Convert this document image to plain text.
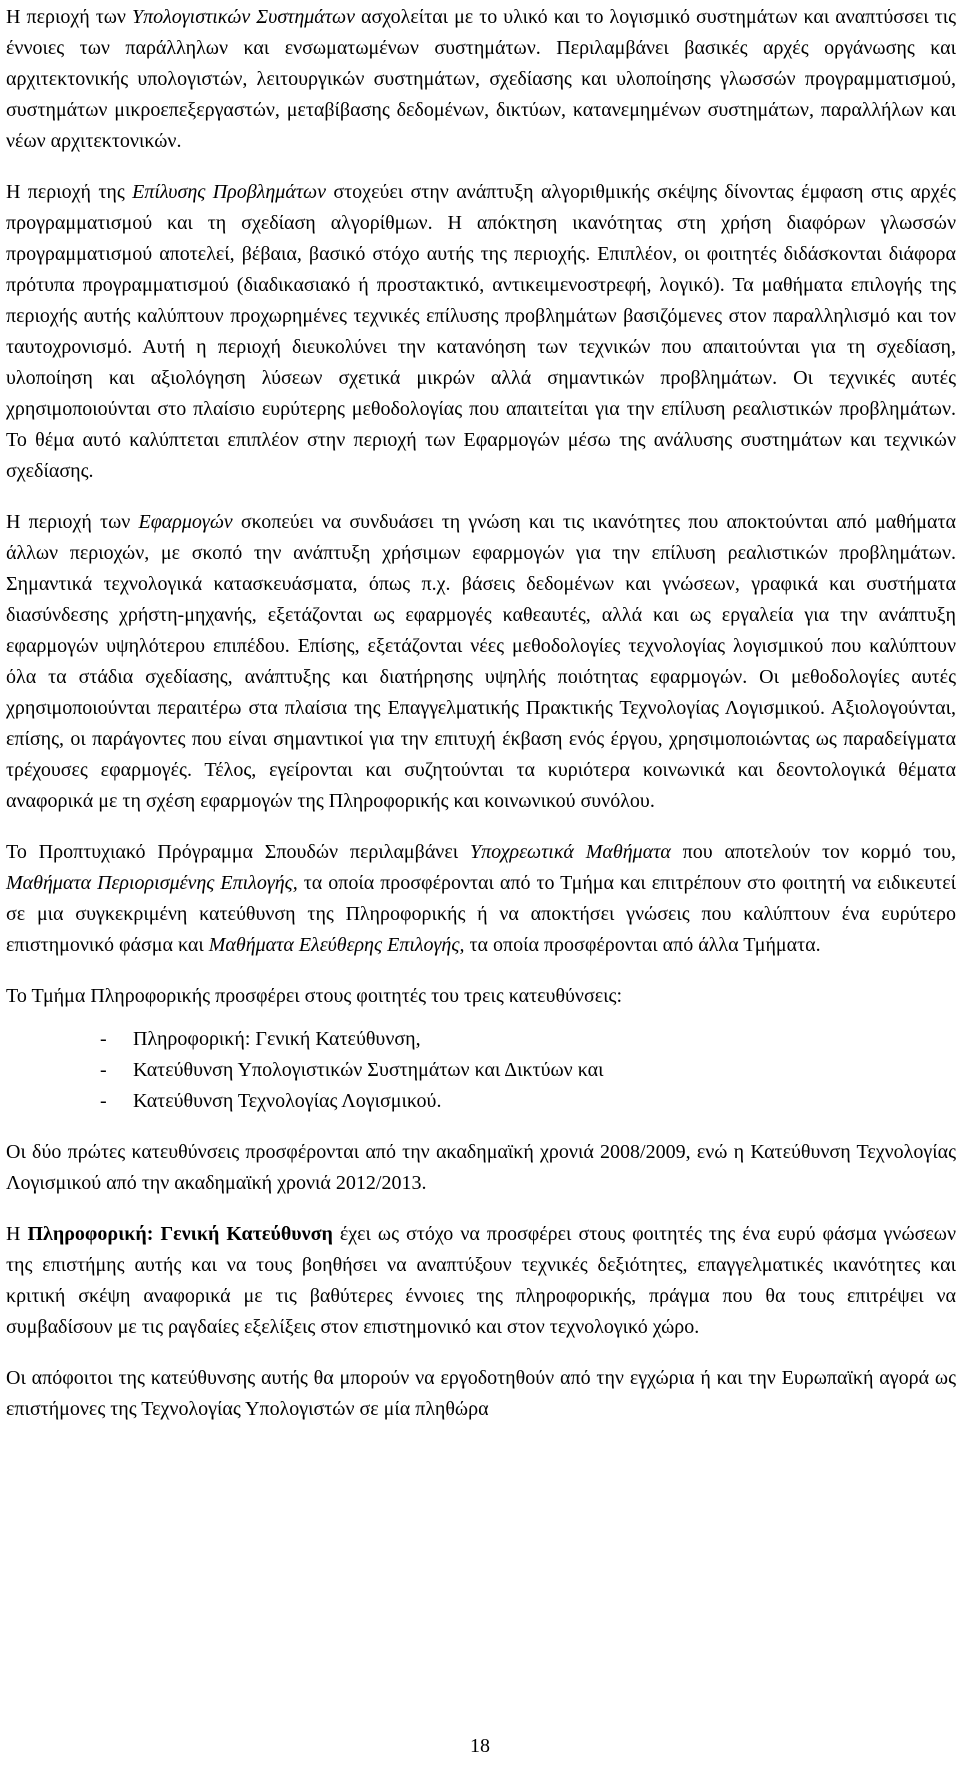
Η περιοχή των Υπολογιστικών Συστημάτων ασχολείται με το υλικό και το λογισμικό συστημάτων και αναπτύσσει τις έννοιες των παράλληλων και ενσωματωμένων συστημάτων. Περιλαμβάνει βασικές αρχές οργάνωσης και αρχιτεκτονικής υπολογιστών, λειτουργικών συστημάτων, σχεδίασης και υλοποίησης γλωσσών προγραμματισμού, συστημάτων μικροεπεξεργαστών, μεταβίβασης δεδομένων, δικτύων, κατανεμημένων συστημάτων, παραλλήλων και νέων αρχιτεκτονικών.

Η περιοχή της Επίλυσης Προβλημάτων στοχεύει στην ανάπτυξη αλγοριθμικής σκέψης δίνοντας έμφαση στις αρχές προγραμματισμού και τη σχεδίαση αλγορίθμων. Η απόκτηση ικανότητας στη χρήση διαφόρων γλωσσών προγραμματισμού αποτελεί, βέβαια, βασικό στόχο αυτής της περιοχής. Επιπλέον, οι φοιτητές διδάσκονται διάφορα πρότυπα προγραμματισμού (διαδικασιακό ή προστακτικό, αντικειμενοστρεφή, λογικό). Τα μαθήματα επιλογής της περιοχής αυτής καλύπτουν προχωρημένες τεχνικές επίλυσης προβλημάτων βασιζόμενες στον παραλληλισμό και τον ταυτοχρονισμό. Αυτή η περιοχή διευκολύνει την κατανόηση των τεχνικών που απαιτούνται για τη σχεδίαση, υλοποίηση και αξιολόγηση λύσεων σχετικά μικρών αλλά σημαντικών προβλημάτων. Οι τεχνικές αυτές χρησιμοποιούνται στο πλαίσιο ευρύτερης μεθοδολογίας που απαιτείται για την επίλυση ρεαλιστικών προβλημάτων. Το θέμα αυτό καλύπτεται επιπλέον στην περιοχή των Εφαρμογών μέσω της ανάλυσης συστημάτων και τεχνικών σχεδίασης.

Η περιοχή των Εφαρμογών σκοπεύει να συνδυάσει τη γνώση και τις ικανότητες που αποκτούνται από μαθήματα άλλων περιοχών, με σκοπό την ανάπτυξη χρήσιμων εφαρμογών για την επίλυση ρεαλιστικών προβλημάτων. Σημαντικά τεχνολογικά κατασκευάσματα, όπως π.χ. βάσεις δεδομένων και γνώσεων, γραφικά και συστήματα διασύνδεσης χρήστη-μηχανής, εξετάζονται ως εφαρμογές καθεαυτές, αλλά και ως εργαλεία για την ανάπτυξη εφαρμογών υψηλότερου επιπέδου. Επίσης, εξετάζονται νέες μεθοδολογίες τεχνολογίας λογισμικού που καλύπτουν όλα τα στάδια σχεδίασης, ανάπτυξης και διατήρησης υψηλής ποιότητας εφαρμογών. Οι μεθοδολογίες αυτές χρησιμοποιούνται περαιτέρω στα πλαίσια της Επαγγελματικής Πρακτικής Τεχνολογίας Λογισμικού. Αξιολογούνται, επίσης, οι παράγοντες που είναι σημαντικοί για την επιτυχή έκβαση ενός έργου, χρησιμοποιώντας ως παραδείγματα τρέχουσες εφαρμογές. Τέλος, εγείρονται και συζητούνται τα κυριότερα κοινωνικά και δεοντολογικά θέματα αναφορικά με τη σχέση εφαρμογών της Πληροφορικής και κοινωνικού συνόλου.

Το Προπτυχιακό Πρόγραμμα Σπουδών περιλαμβάνει Υποχρεωτικά Μαθήματα που αποτελούν τον κορμό του, Μαθήματα Περιορισμένης Επιλογής, τα οποία προσφέρονται από το Τμήμα και επιτρέπουν στο φοιτητή να ειδικευτεί σε μια συγκεκριμένη κατεύθυνση της Πληροφορικής ή να αποκτήσει γνώσεις που καλύπτουν ένα ευρύτερο επιστημονικό φάσμα και Μαθήματα Ελεύθερης Επιλογής, τα οποία προσφέρονται από άλλα Τμήματα.

Το Τμήμα Πληροφορικής προσφέρει στους φοιτητές του τρεις κατευθύνσεις:

- Πληροφορική: Γενική Κατεύθυνση,
- Κατεύθυνση Υπολογιστικών Συστημάτων και Δικτύων και
- Κατεύθυνση Τεχνολογίας Λογισμικού.

Οι δύο πρώτες κατευθύνσεις προσφέρονται από την ακαδημαϊκή χρονιά 2008/2009, ενώ η Κατεύθυνση Τεχνολογίας Λογισμικού από την ακαδημαϊκή χρονιά 2012/2013.

Η Πληροφορική: Γενική Κατεύθυνση έχει ως στόχο να προσφέρει στους φοιτητές της ένα ευρύ φάσμα γνώσεων της επιστήμης αυτής και να τους βοηθήσει να αναπτύξουν τεχνικές δεξιότητες, επαγγελματικές ικανότητες και κριτική σκέψη αναφορικά με τις βαθύτερες έννοιες της πληροφορικής, πράγμα που θα τους επιτρέψει να συμβαδίσουν με τις ραγδαίες εξελίξεις στον επιστημονικό και στον τεχνολογικό χώρο.

Οι απόφοιτοι της κατεύθυνσης αυτής θα μπορούν να εργοδοτηθούν από την εγχώρια ή και την Ευρωπαϊκή αγορά ως επιστήμονες της Τεχνολογίας Υπολογιστών σε μία πληθώρα

18
